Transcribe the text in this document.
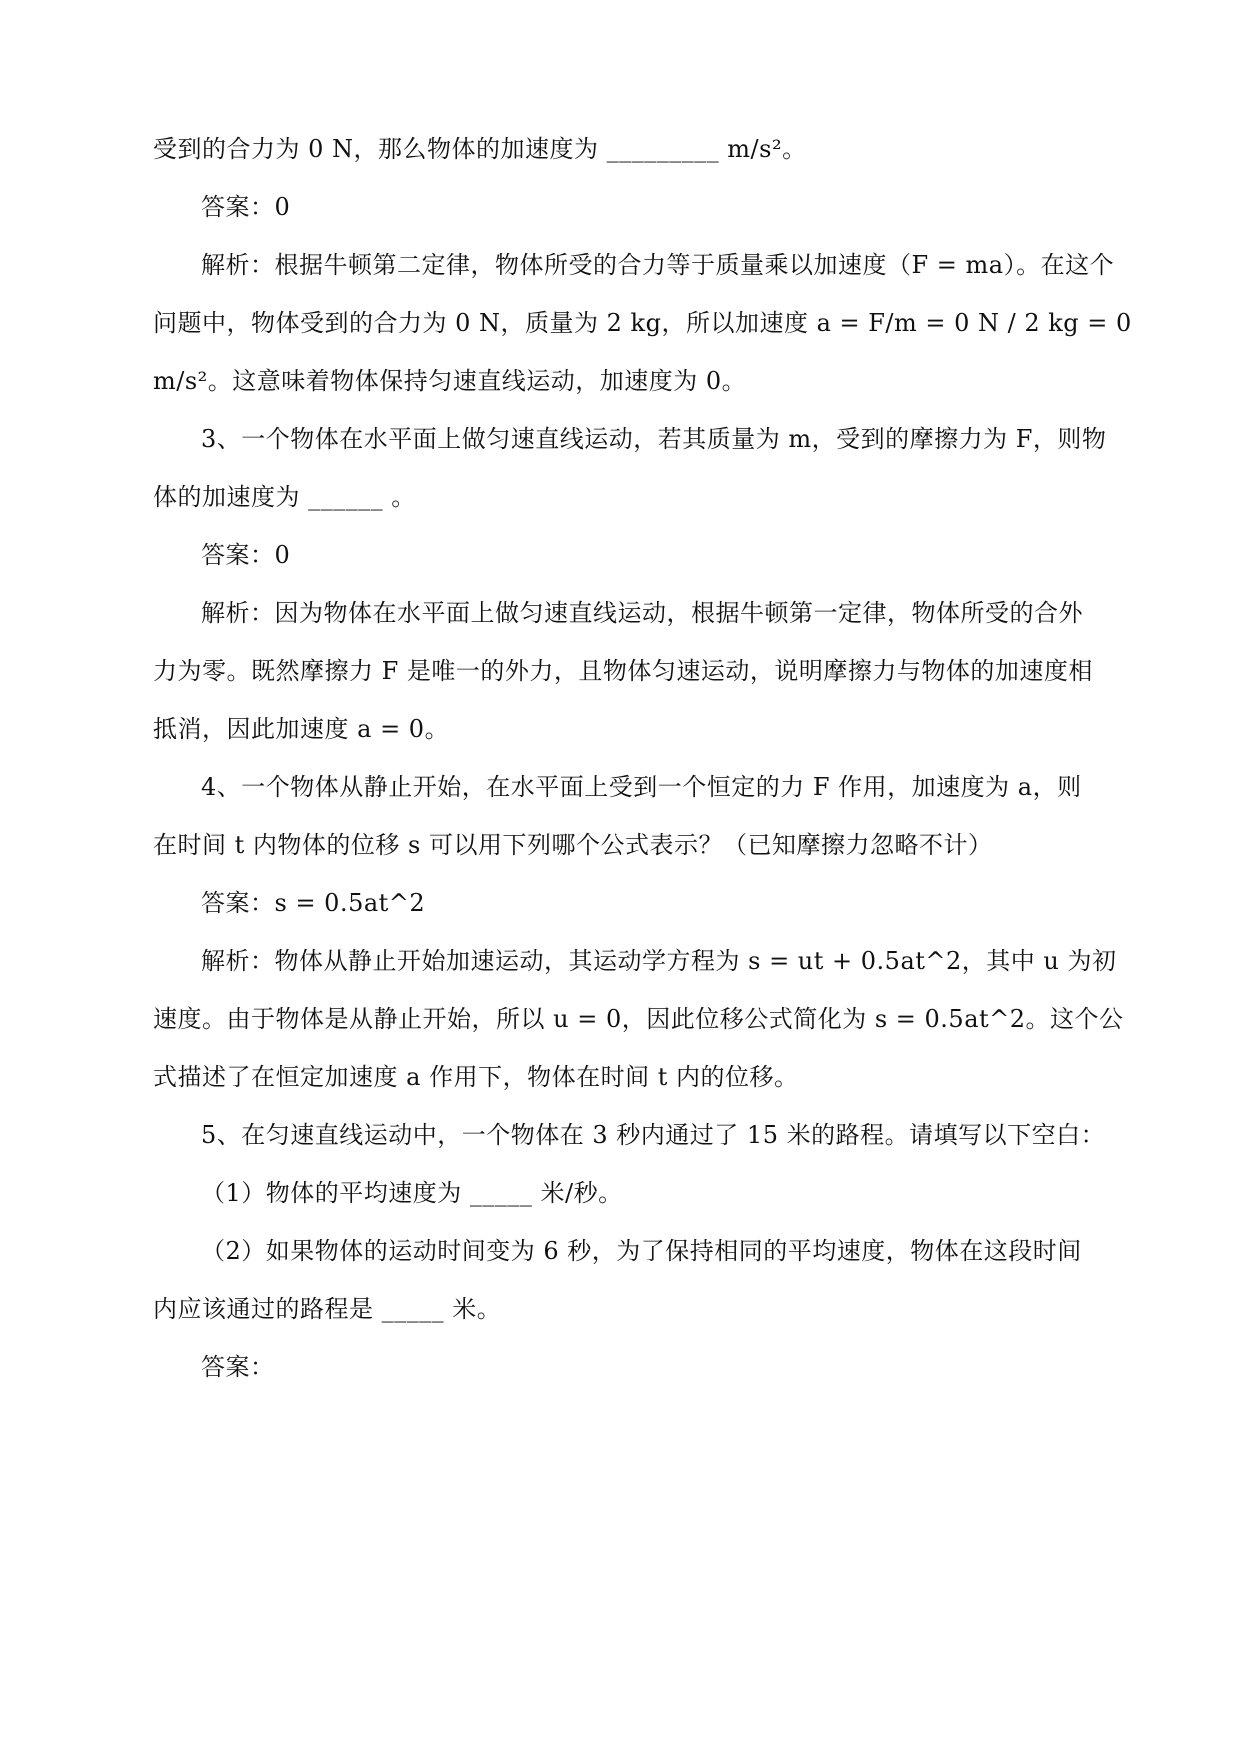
受到的合力为 0 N，那么物体的加速度为 _________ m/s²。
答案：0
解析：根据牛顿第二定律，物体所受的合力等于质量乘以加速度（F = ma）。在这个
问题中，物体受到的合力为 0 N，质量为 2 kg，所以加速度 a = F/m = 0 N / 2 kg = 0
m/s²。这意味着物体保持匀速直线运动，加速度为 0。
3、一个物体在水平面上做匀速直线运动，若其质量为 m，受到的摩擦力为 F，则物
体的加速度为 ______ 。
答案：0
解析：因为物体在水平面上做匀速直线运动，根据牛顿第一定律，物体所受的合外
力为零。既然摩擦力 F 是唯一的外力，且物体匀速运动，说明摩擦力与物体的加速度相
抵消，因此加速度 a = 0。
4、一个物体从静止开始，在水平面上受到一个恒定的力 F 作用，加速度为 a，则
在时间 t 内物体的位移 s 可以用下列哪个公式表示？（已知摩擦力忽略不计）
答案：s = 0.5at^2
解析：物体从静止开始加速运动，其运动学方程为 s = ut + 0.5at^2，其中 u 为初
速度。由于物体是从静止开始，所以 u = 0，因此位移公式简化为 s = 0.5at^2。这个公
式描述了在恒定加速度 a 作用下，物体在时间 t 内的位移。
5、在匀速直线运动中，一个物体在 3 秒内通过了 15 米的路程。请填写以下空白：
（1）物体的平均速度为 _____ 米/秒。
（2）如果物体的运动时间变为 6 秒，为了保持相同的平均速度，物体在这段时间
内应该通过的路程是 _____ 米。
答案：
